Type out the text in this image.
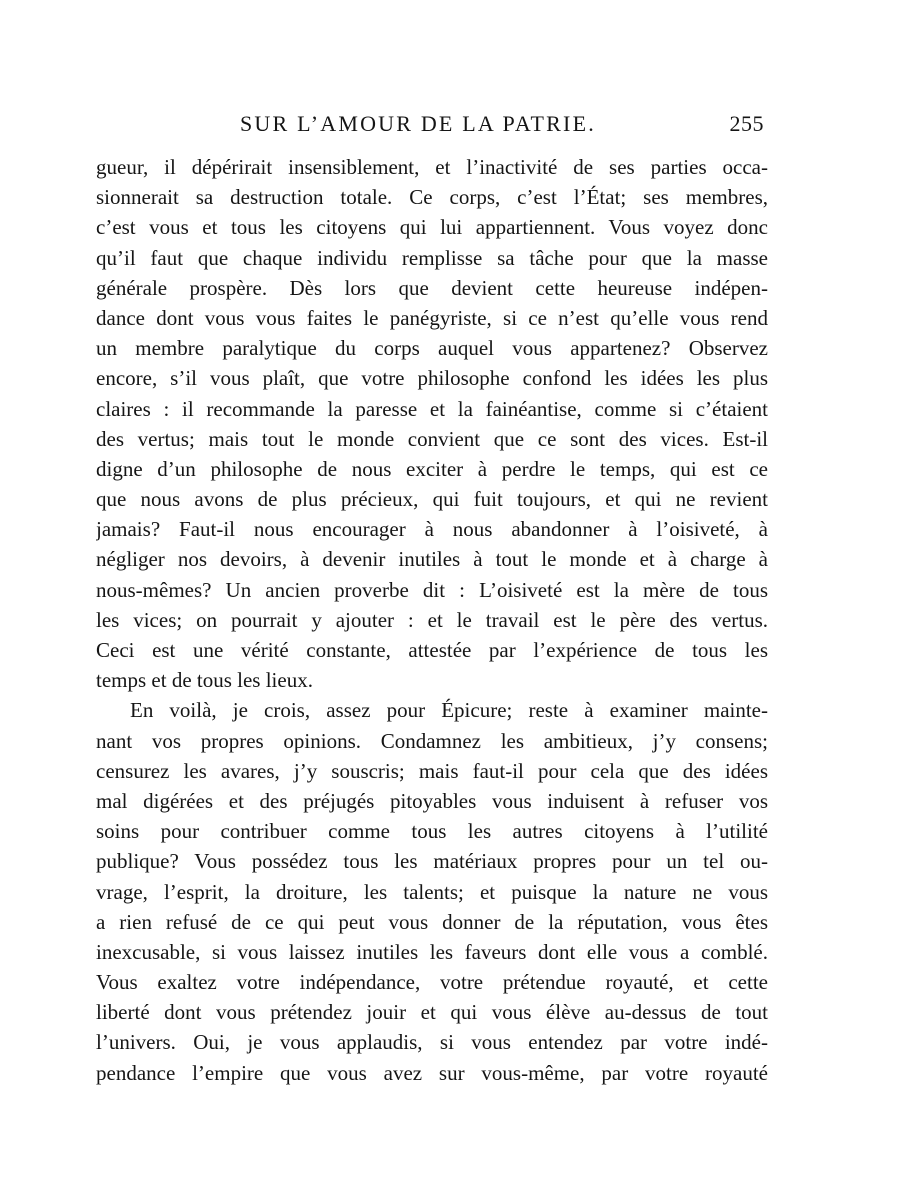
SUR L’AMOUR DE LA PATRIE.	255
gueur, il dépérirait insensiblement, et l’inactivité de ses parties occa-
sionnerait sa destruction totale. Ce corps, c’est l’État; ses membres,
c’est vous et tous les citoyens qui lui appartiennent. Vous voyez donc
qu’il faut que chaque individu remplisse sa tâche pour que la masse
générale prospère. Dès lors que devient cette heureuse indépen-
dance dont vous vous faites le panégyriste, si ce n’est qu’elle vous rend
un membre paralytique du corps auquel vous appartenez? Observez
encore, s’il vous plaît, que votre philosophe confond les idées les plus
claires : il recommande la paresse et la fainéantise, comme si c’étaient
des vertus; mais tout le monde convient que ce sont des vices. Est-il
digne d’un philosophe de nous exciter à perdre le temps, qui est ce
que nous avons de plus précieux, qui fuit toujours, et qui ne revient
jamais? Faut-il nous encourager à nous abandonner à l’oisiveté, à
négliger nos devoirs, à devenir inutiles à tout le monde et à charge à
nous-mêmes? Un ancien proverbe dit : L’oisiveté est la mère de tous
les vices; on pourrait y ajouter : et le travail est le père des vertus.
Ceci est une vérité constante, attestée par l’expérience de tous les
temps et de tous les lieux.
En voilà, je crois, assez pour Épicure; reste à examiner mainte-
nant vos propres opinions. Condamnez les ambitieux, j’y consens;
censurez les avares, j’y souscris; mais faut-il pour cela que des idées
mal digérées et des préjugés pitoyables vous induisent à refuser vos
soins pour contribuer comme tous les autres citoyens à l’utilité
publique? Vous possédez tous les matériaux propres pour un tel ou-
vrage, l’esprit, la droiture, les talents; et puisque la nature ne vous
a rien refusé de ce qui peut vous donner de la réputation, vous êtes
inexcusable, si vous laissez inutiles les faveurs dont elle vous a comblé.
Vous exaltez votre indépendance, votre prétendue royauté, et cette
liberté dont vous prétendez jouir et qui vous élève au-dessus de tout
l’univers. Oui, je vous applaudis, si vous entendez par votre indé-
pendance l’empire que vous avez sur vous-même, par votre royauté
